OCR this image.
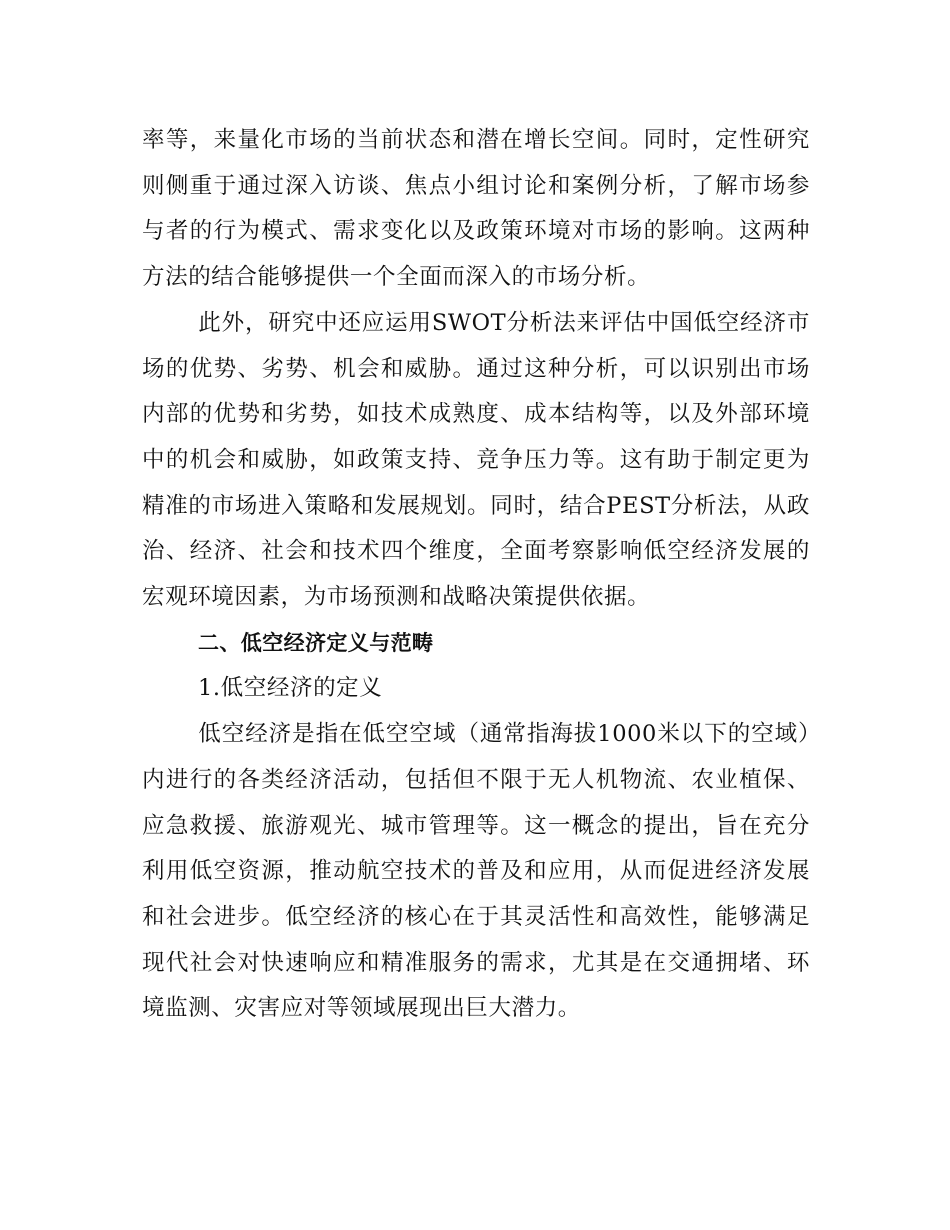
率等，来量化市场的当前状态和潜在增长空间。同时，定性研究则侧重于通过深入访谈、焦点小组讨论和案例分析，了解市场参与者的行为模式、需求变化以及政策环境对市场的影响。这两种方法的结合能够提供一个全面而深入的市场分析。

此外，研究中还应运用SWOT分析法来评估中国低空经济市场的优势、劣势、机会和威胁。通过这种分析，可以识别出市场内部的优势和劣势，如技术成熟度、成本结构等，以及外部环境中的机会和威胁，如政策支持、竞争压力等。这有助于制定更为精准的市场进入策略和发展规划。同时，结合PEST分析法，从政治、经济、社会和技术四个维度，全面考察影响低空经济发展的宏观环境因素，为市场预测和战略决策提供依据。

二、低空经济定义与范畴

1.低空经济的定义

低空经济是指在低空空域（通常指海拔1000米以下的空域）内进行的各类经济活动，包括但不限于无人机物流、农业植保、应急救援、旅游观光、城市管理等。这一概念的提出，旨在充分利用低空资源，推动航空技术的普及和应用，从而促进经济发展和社会进步。低空经济的核心在于其灵活性和高效性，能够满足现代社会对快速响应和精准服务的需求，尤其是在交通拥堵、环境监测、灾害应对等领域展现出巨大潜力。
